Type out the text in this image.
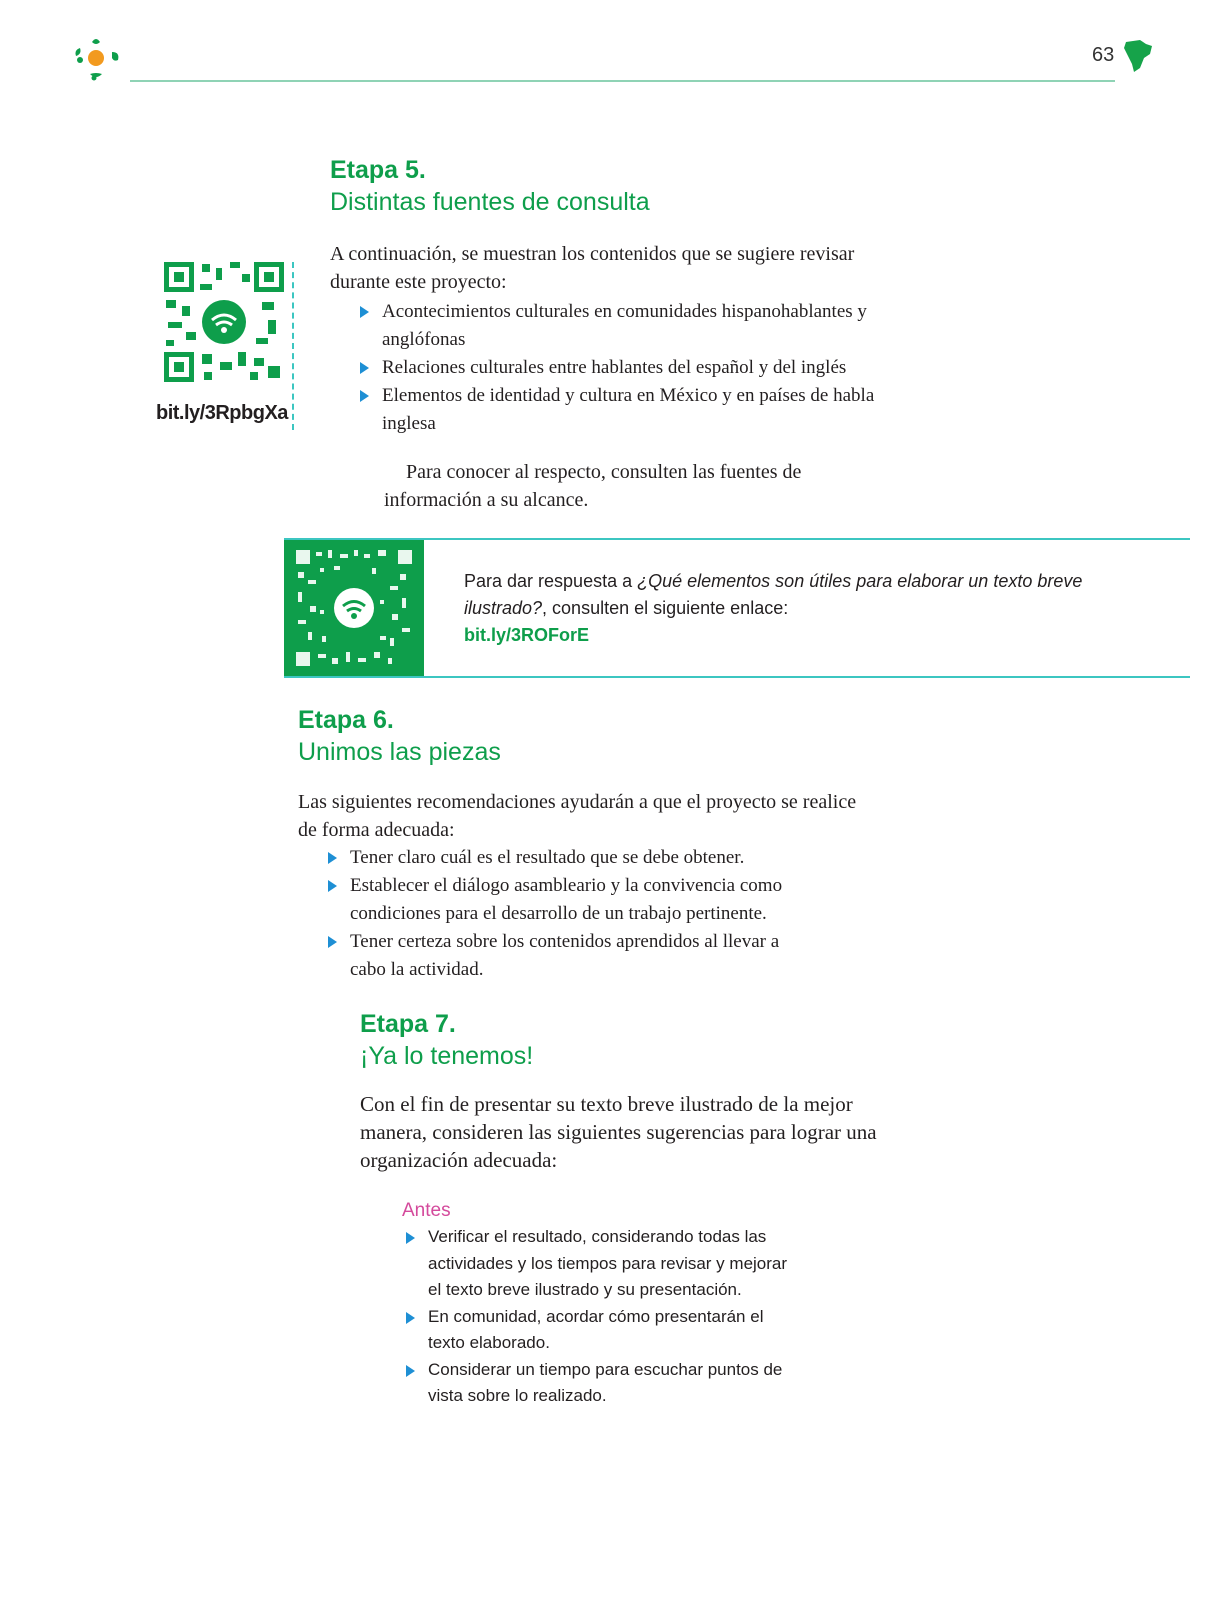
63

Etapa 5.

Distintas fuentes de consulta

bit.ly/3RpbgXa

A continuación, se muestran los contenidos que se sugiere revisar durante este proyecto:

Acontecimientos culturales en comunidades hispanohablantes y anglófonas
Relaciones culturales entre hablantes del español y del inglés
Elementos de identidad y cultura en México y en países de habla inglesa

Para conocer al respecto, consulten las fuentes de información a su alcance.

Para dar respuesta a ¿Qué elementos son útiles para elaborar un texto breve ilustrado?, consulten el siguiente enlace:
bit.ly/3ROForE

Etapa 6.

Unimos las piezas

Las siguientes recomendaciones ayudarán a que el proyecto se realice de forma adecuada:

Tener claro cuál es el resultado que se debe obtener.
Establecer el diálogo asambleario y la convivencia como condiciones para el desarrollo de un trabajo pertinente.
Tener certeza sobre los contenidos aprendidos al llevar a cabo la actividad.

Etapa 7.

¡Ya lo tenemos!

Con el fin de presentar su texto breve ilustrado de la mejor manera, consideren las siguientes sugerencias para lograr una organización adecuada:

Antes

Verificar el resultado, considerando todas las actividades y los tiempos para revisar y mejorar el texto breve ilustrado y su presentación.
En comunidad, acordar cómo presentarán el texto elaborado.
Considerar un tiempo para escuchar puntos de vista sobre lo realizado.
